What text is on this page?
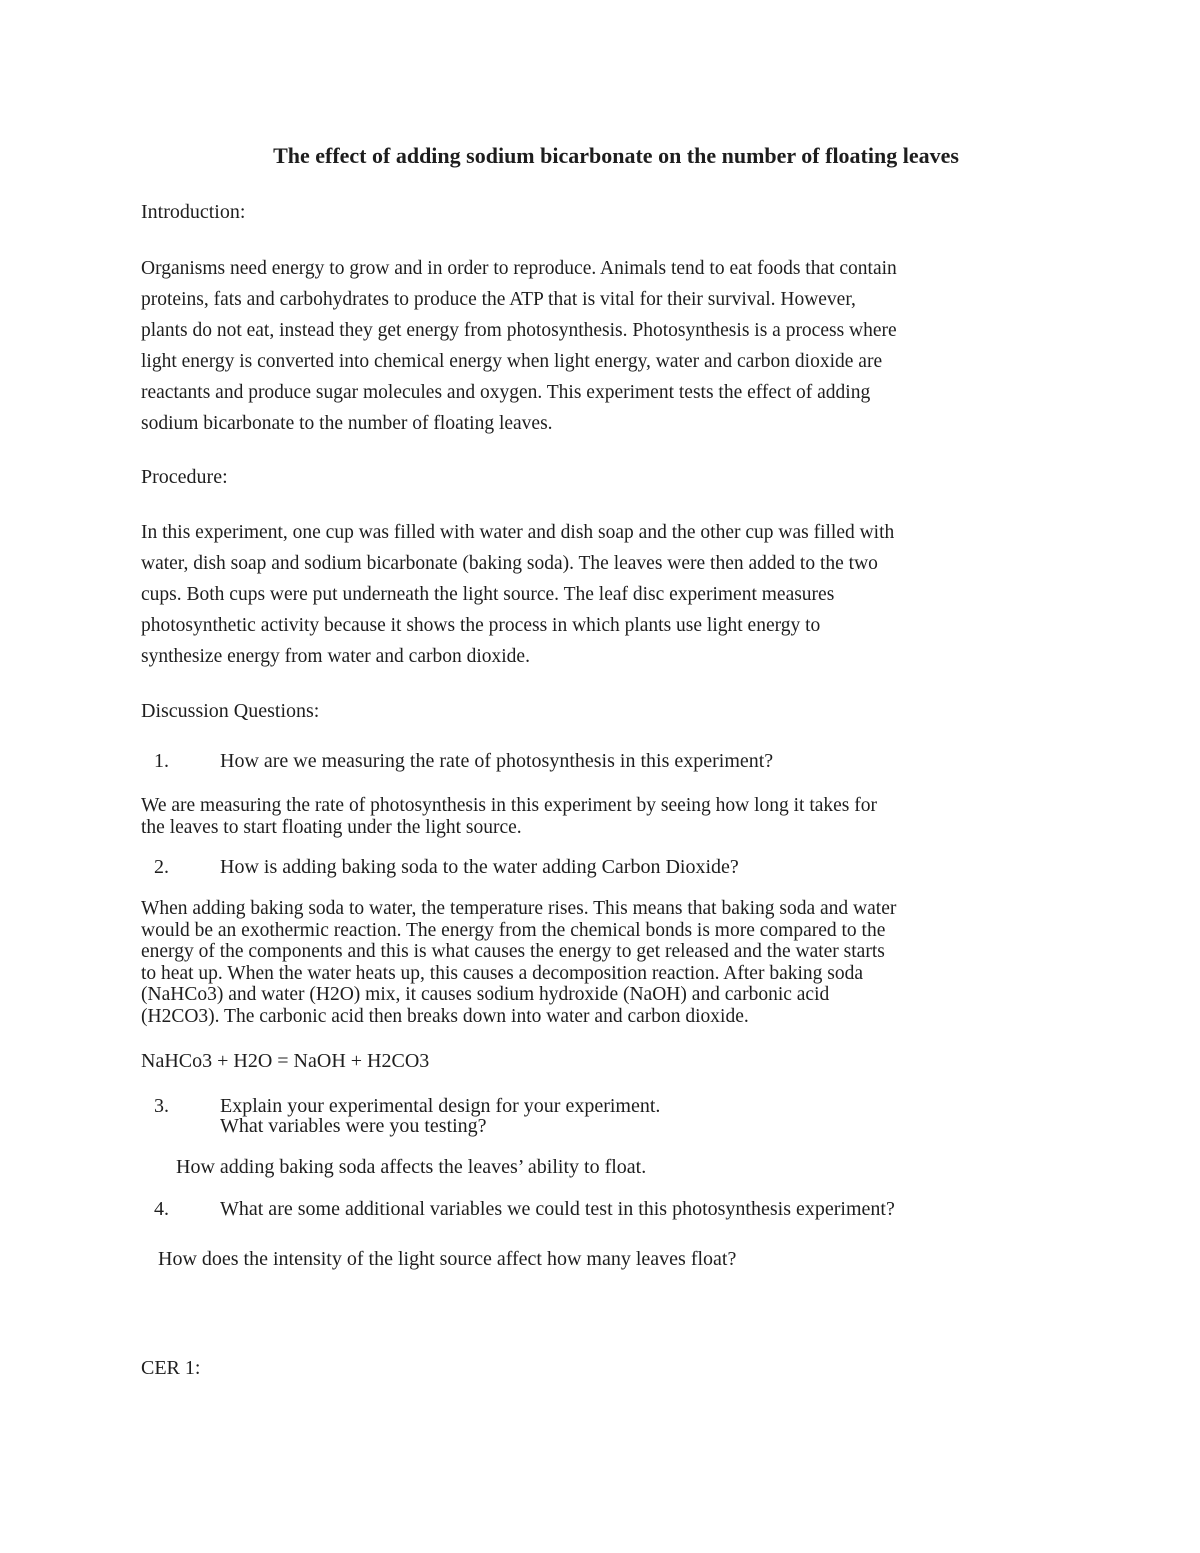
The effect of adding sodium bicarbonate on the number of floating leaves
Introduction:
Organisms need energy to grow and in order to reproduce. Animals tend to eat foods that contain
proteins, fats and carbohydrates to produce the ATP that is vital for their survival. However,
plants do not eat, instead they get energy from photosynthesis. Photosynthesis is a process where
light energy is converted into chemical energy when light energy, water and carbon dioxide are
reactants and produce sugar molecules and oxygen. This experiment tests the effect of adding
sodium bicarbonate to the number of floating leaves.
Procedure:
In this experiment, one cup was filled with water and dish soap and the other cup was filled with
water, dish soap and sodium bicarbonate (baking soda). The leaves were then added to the two
cups. Both cups were put underneath the light source. The leaf disc experiment measures
photosynthetic activity because it shows the process in which plants use light energy to
synthesize energy from water and carbon dioxide.
Discussion Questions:
1.	How are we measuring the rate of photosynthesis in this experiment?
We are measuring the rate of photosynthesis in this experiment by seeing how long it takes for
the leaves to start floating under the light source.
2.	How is adding baking soda to the water adding Carbon Dioxide?
When adding baking soda to water, the temperature rises. This means that baking soda and water
would be an exothermic reaction. The energy from the chemical bonds is more compared to the
energy of the components and this is what causes the energy to get released and the water starts
to heat up. When the water heats up, this causes a decomposition reaction. After baking soda
(NaHCo3) and water (H2O) mix, it causes sodium hydroxide (NaOH) and carbonic acid
(H2CO3). The carbonic acid then breaks down into water and carbon dioxide.
NaHCo3 + H2O = NaOH + H2CO3
3.	Explain your experimental design for your experiment.
What variables were you testing?
How adding baking soda affects the leaves’ ability to float.
4.	What are some additional variables we could test in this photosynthesis experiment?
How does the intensity of the light source affect how many leaves float?
CER 1:
